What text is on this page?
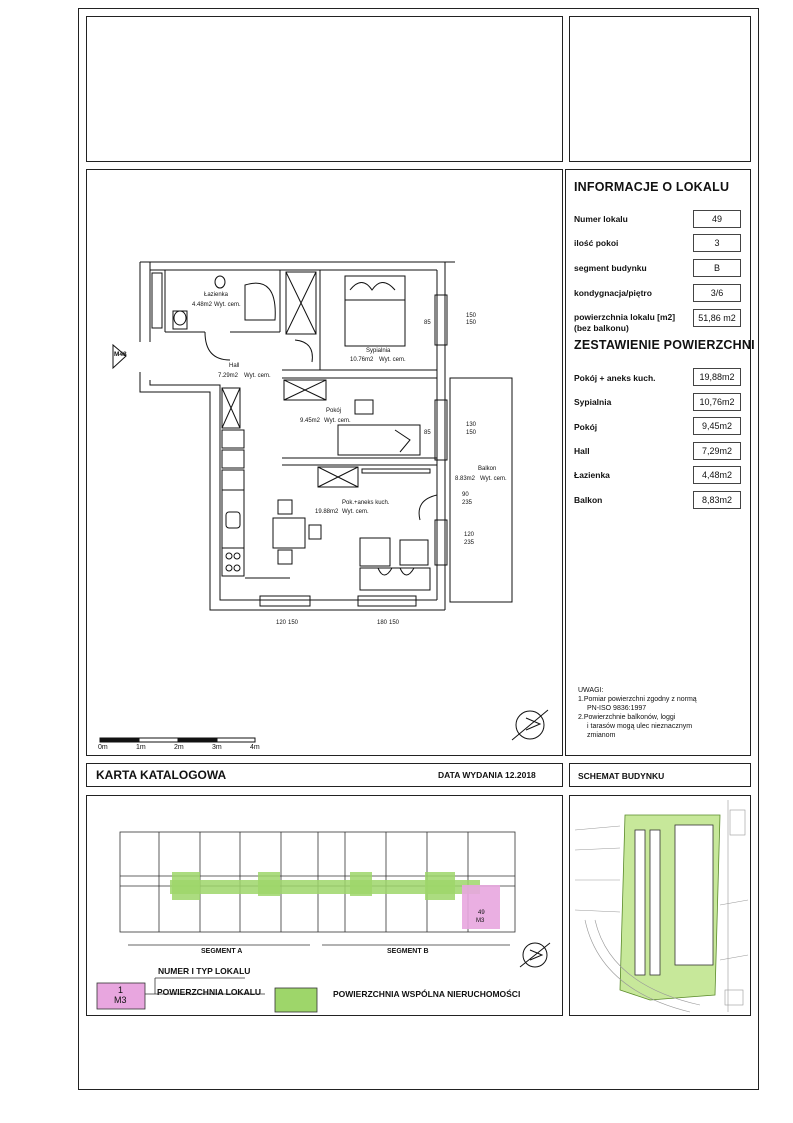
INFORMACJE O LOKALU
Numer lokalu	49
ilość pokoi	3
segment budynku	B
kondygnacja/piętro	3/6
powierzchnia lokalu [m2]
(bez balkonu)
51,86 m2
ZESTAWIENIE POWIERZCHNI
Pokój + aneks kuch.	19,88m2
Sypialnia	10,76m2
Pokój	9,45m2
Hall	7,29m2
Łazienka	4,48m2
Balkon	8,83m2
UWAGI:
1.Pomiar powierzchni zgodny z normą
PN-ISO 9836:1997
2.Powierzchnie balkonów, loggi
i tarasów mogą ulec nieznacznym
zmianom
M48
Łazienka
4.48m2 Wyt. cem.
Sypialnia
10.76m2 Wyt. cem.
Hall
7.29m2 Wyt. cem.
Pokój
9.45m2 Wyt. cem.
Balkon
8.83m2 Wyt. cem.
Pok.+aneks kuch.
19.88m2 Wyt. cem.
150
150
85
130
150
85
90
235
120
235
120 150	180 150
0m	1m	2m	3m	4m
KARTA KATALOGOWA	DATA WYDANIA 12.2018	SCHEMAT BUDYNKU
SEGMENT A	SEGMENT B
49
M3
1
M3
NUMER I TYP LOKALU
POWIERZCHNIA LOKALU	POWIERZCHNIA WSPÓLNA NIERUCHOMOŚCI
